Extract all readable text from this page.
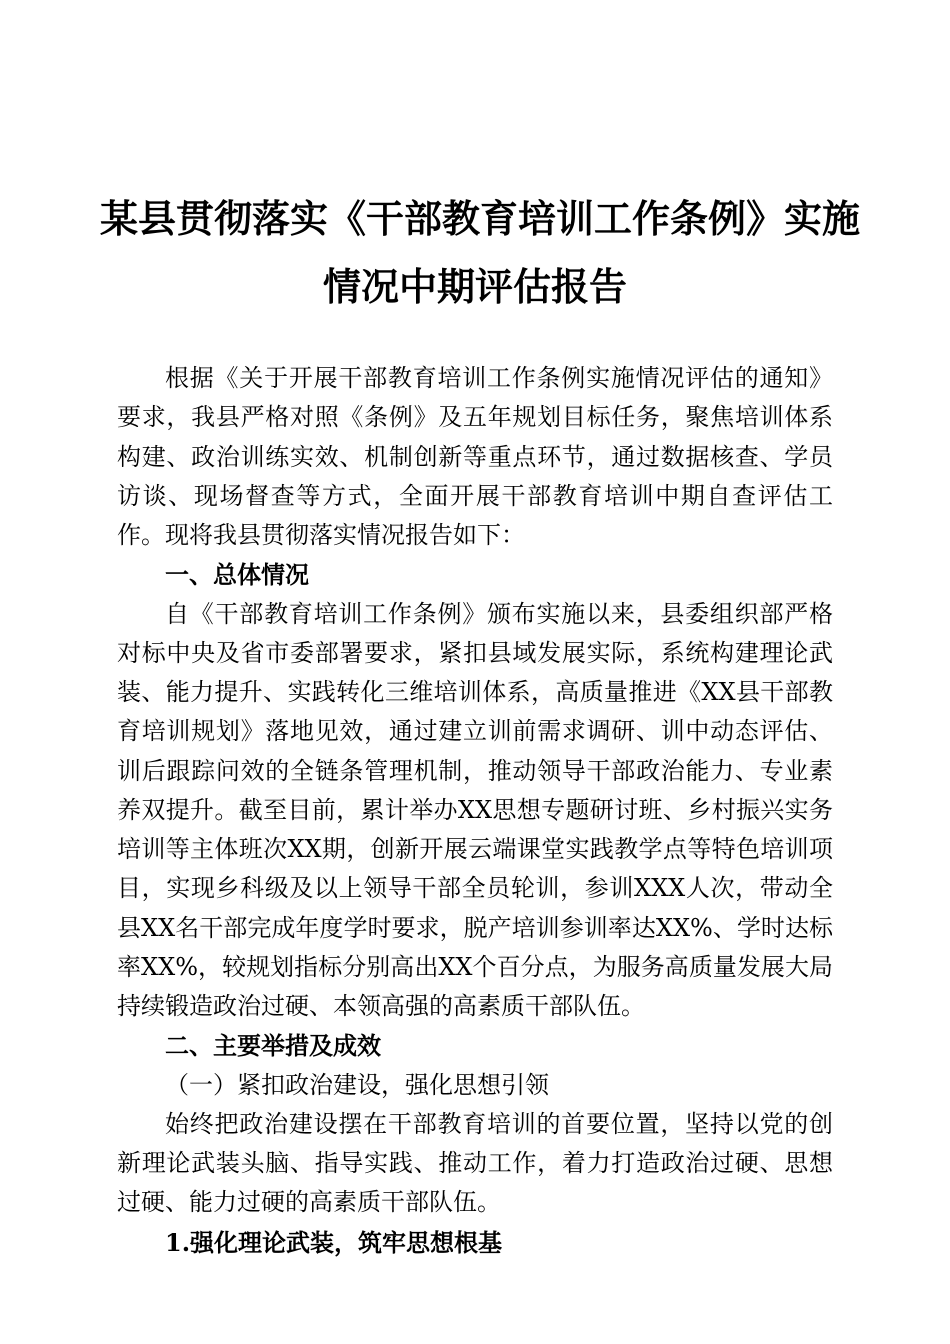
某县贯彻落实《干部教育培训工作条例》实施
情况中期评估报告

根据《关于开展干部教育培训工作条例实施情况评估的通知》要求，我县严格对照《条例》及五年规划目标任务，聚焦培训体系构建、政治训练实效、机制创新等重点环节，通过数据核查、学员访谈、现场督查等方式，全面开展干部教育培训中期自查评估工作。现将我县贯彻落实情况报告如下：

一、总体情况

自《干部教育培训工作条例》颁布实施以来，县委组织部严格对标中央及省市委部署要求，紧扣县域发展实际，系统构建理论武装、能力提升、实践转化三维培训体系，高质量推进《XX县干部教育培训规划》落地见效，通过建立训前需求调研、训中动态评估、训后跟踪问效的全链条管理机制，推动领导干部政治能力、专业素养双提升。截至目前，累计举办XX思想专题研讨班、乡村振兴实务培训等主体班次XX期，创新开展云端课堂实践教学点等特色培训项目，实现乡科级及以上领导干部全员轮训，参训XXX人次，带动全县XX名干部完成年度学时要求，脱产培训参训率达XX%、学时达标率XX%，较规划指标分别高出XX个百分点，为服务高质量发展大局持续锻造政治过硬、本领高强的高素质干部队伍。

二、主要举措及成效

（一）紧扣政治建设，强化思想引领

始终把政治建设摆在干部教育培训的首要位置，坚持以党的创新理论武装头脑、指导实践、推动工作，着力打造政治过硬、思想过硬、能力过硬的高素质干部队伍。

1.强化理论武装，筑牢思想根基
